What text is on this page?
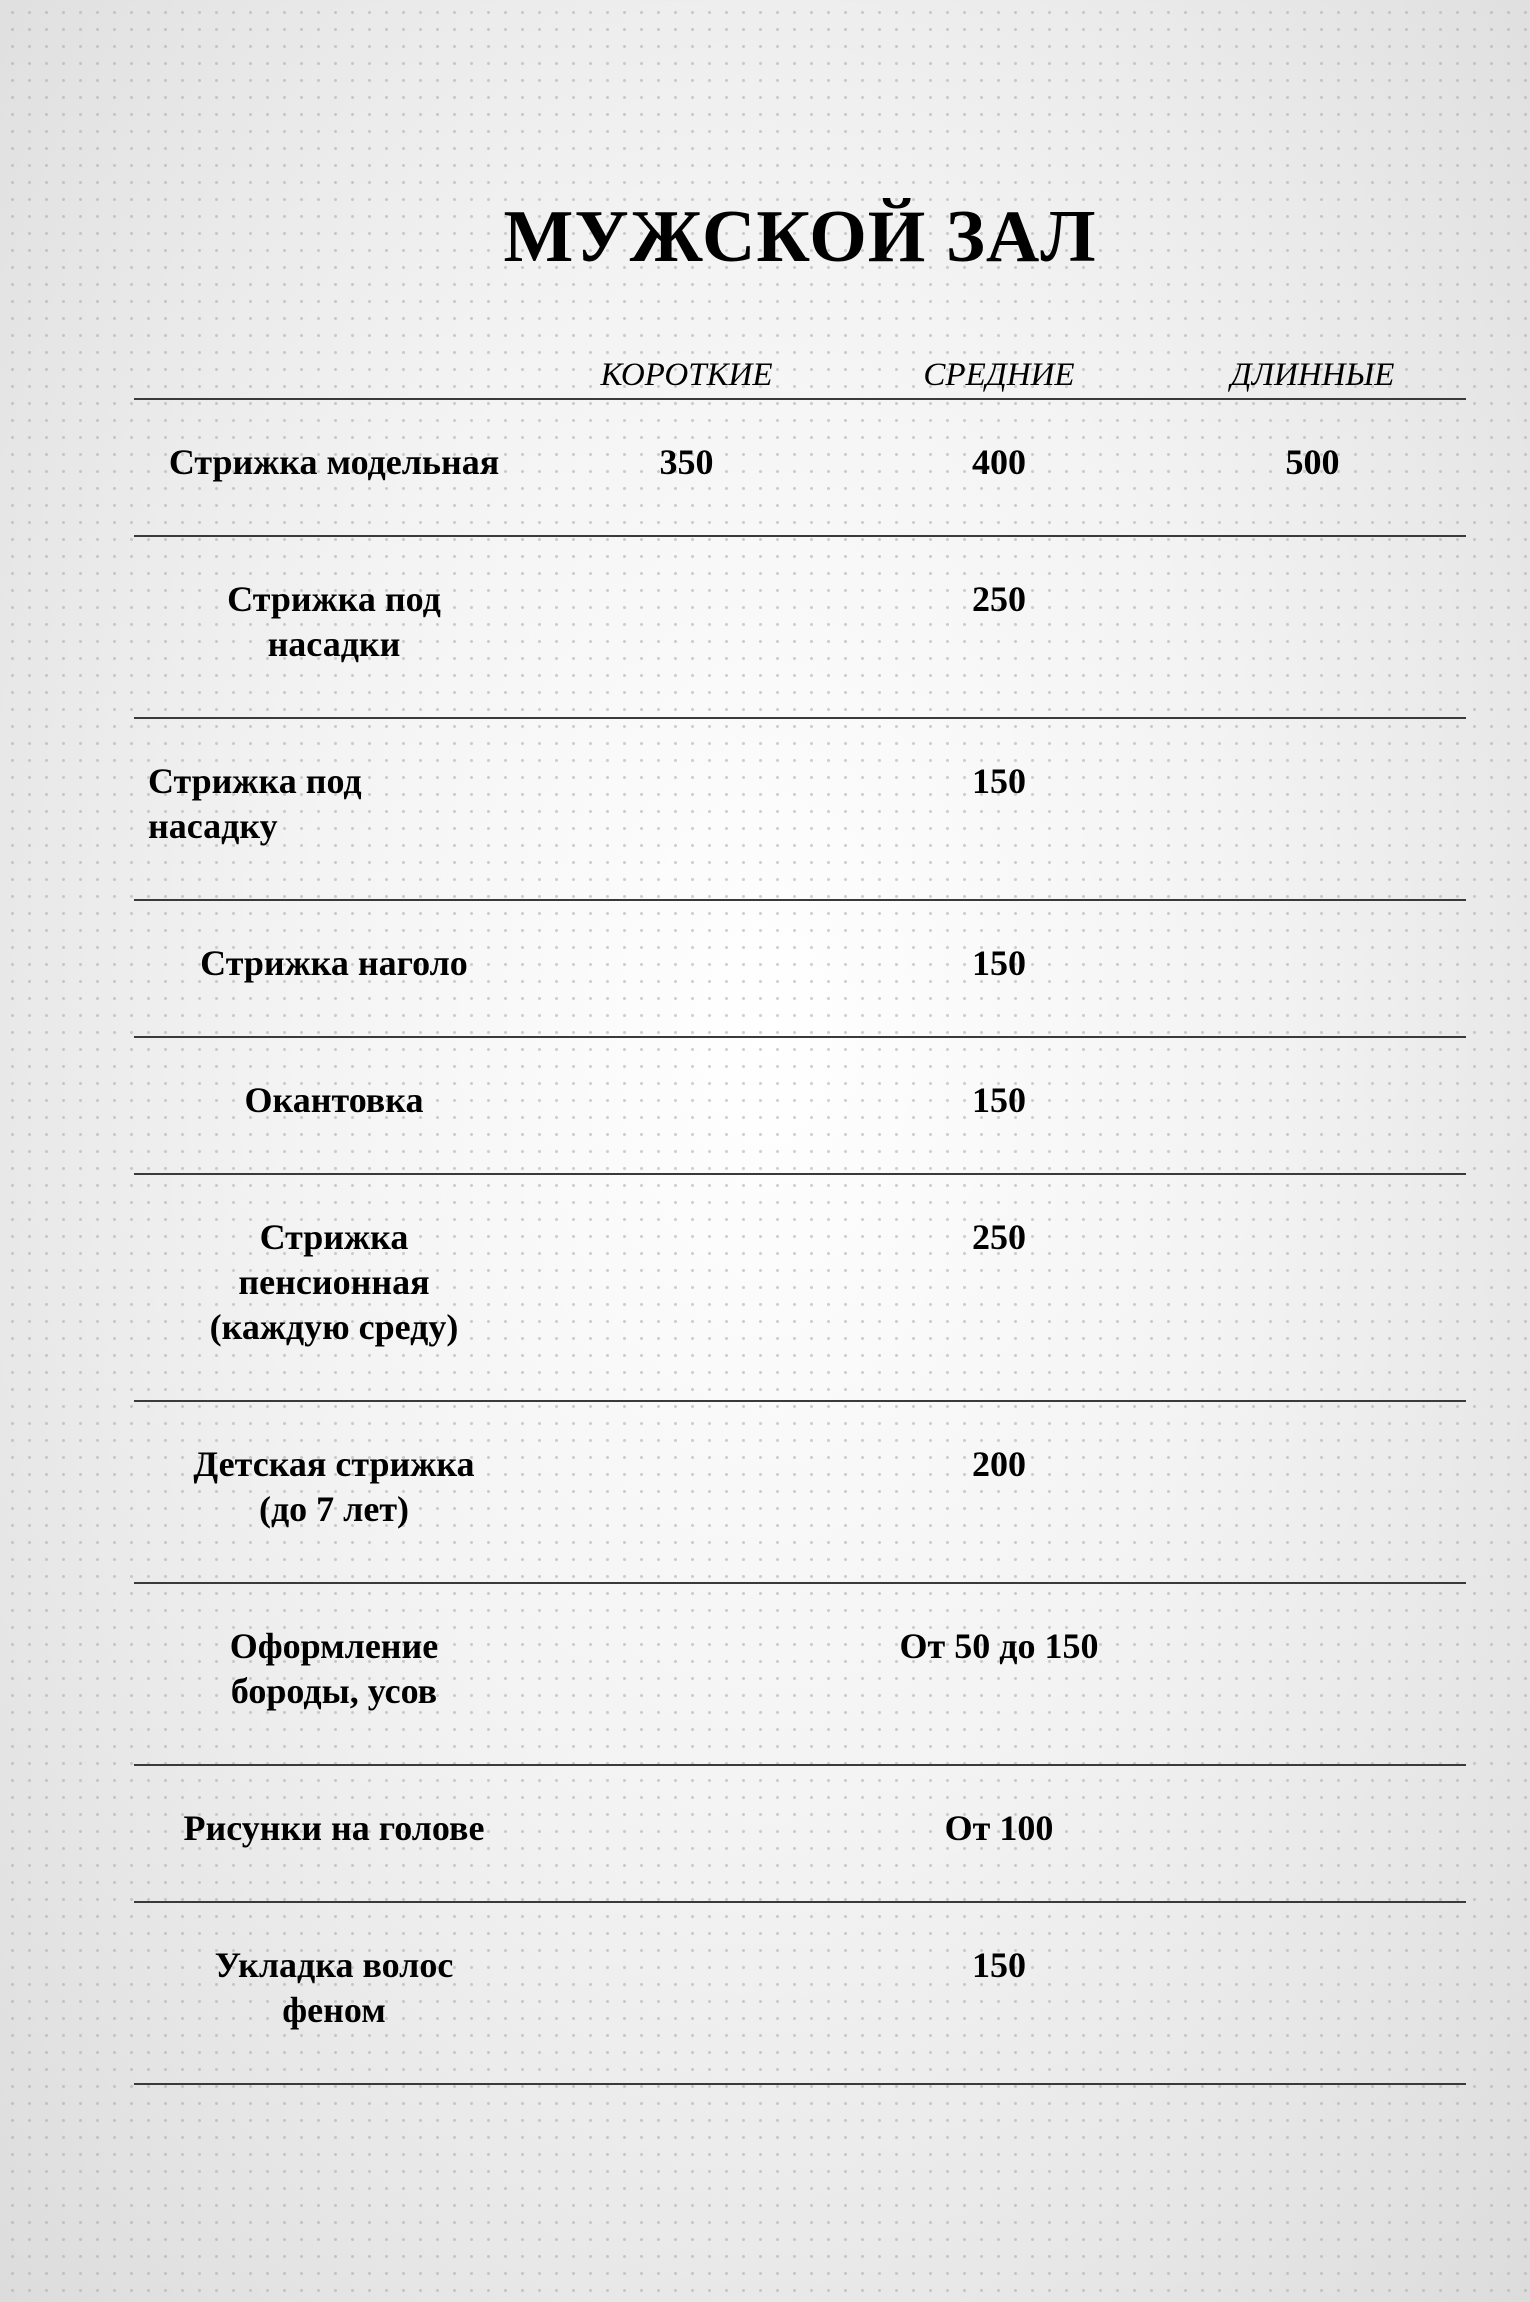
МУЖСКОЙ ЗАЛ
	КОРОТКИЕ	СРЕДНИЕ	ДЛИННЫЕ
Стрижка модельная	350	400	500
Стрижка под насадки		250	
Стрижка под насадку		150	
Стрижка наголо		150	
Окантовка		150	
Стрижка пенсионная (каждую среду)		250	
Детская стрижка (до 7 лет)		200	
Оформление бороды, усов		От 50 до 150	
Рисунки на голове		От 100	
Укладка волос феном		150	
